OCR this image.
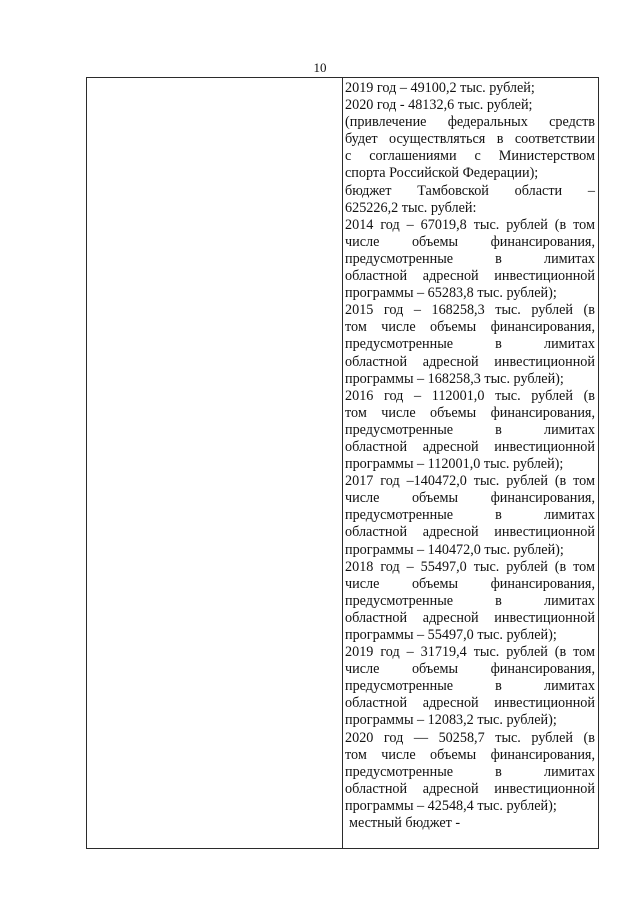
10
2019 год – 49100,2 тыс. рублей;
2020 год - 48132,6 тыс. рублей;
(привлечение федеральных средств
будет осуществляться в соответствии
с соглашениями с Министерством
спорта Российской Федерации);
бюджет Тамбовской области –
625226,2 тыс. рублей:
2014 год – 67019,8 тыс. рублей (в том
числе объемы финансирования,
предусмотренные в лимитах
областной адресной инвестиционной
программы – 65283,8 тыс. рублей);
2015 год – 168258,3 тыс. рублей (в
том числе объемы финансирования,
предусмотренные в лимитах
областной адресной инвестиционной
программы – 168258,3 тыс. рублей);
2016 год – 112001,0 тыс. рублей (в
том числе объемы финансирования,
предусмотренные в лимитах
областной адресной инвестиционной
программы – 112001,0 тыс. рублей);
2017 год –140472,0 тыс. рублей (в том
числе объемы финансирования,
предусмотренные в лимитах
областной адресной инвестиционной
программы – 140472,0 тыс. рублей);
2018 год – 55497,0 тыс. рублей (в том
числе объемы финансирования,
предусмотренные в лимитах
областной адресной инвестиционной
программы – 55497,0 тыс. рублей);
2019 год – 31719,4 тыс. рублей (в том
числе объемы финансирования,
предусмотренные в лимитах
областной адресной инвестиционной
программы – 12083,2 тыс. рублей);
2020 год — 50258,7 тыс. рублей (в
том числе объемы финансирования,
предусмотренные в лимитах
областной адресной инвестиционной
программы – 42548,4 тыс. рублей);
местный бюджет -
